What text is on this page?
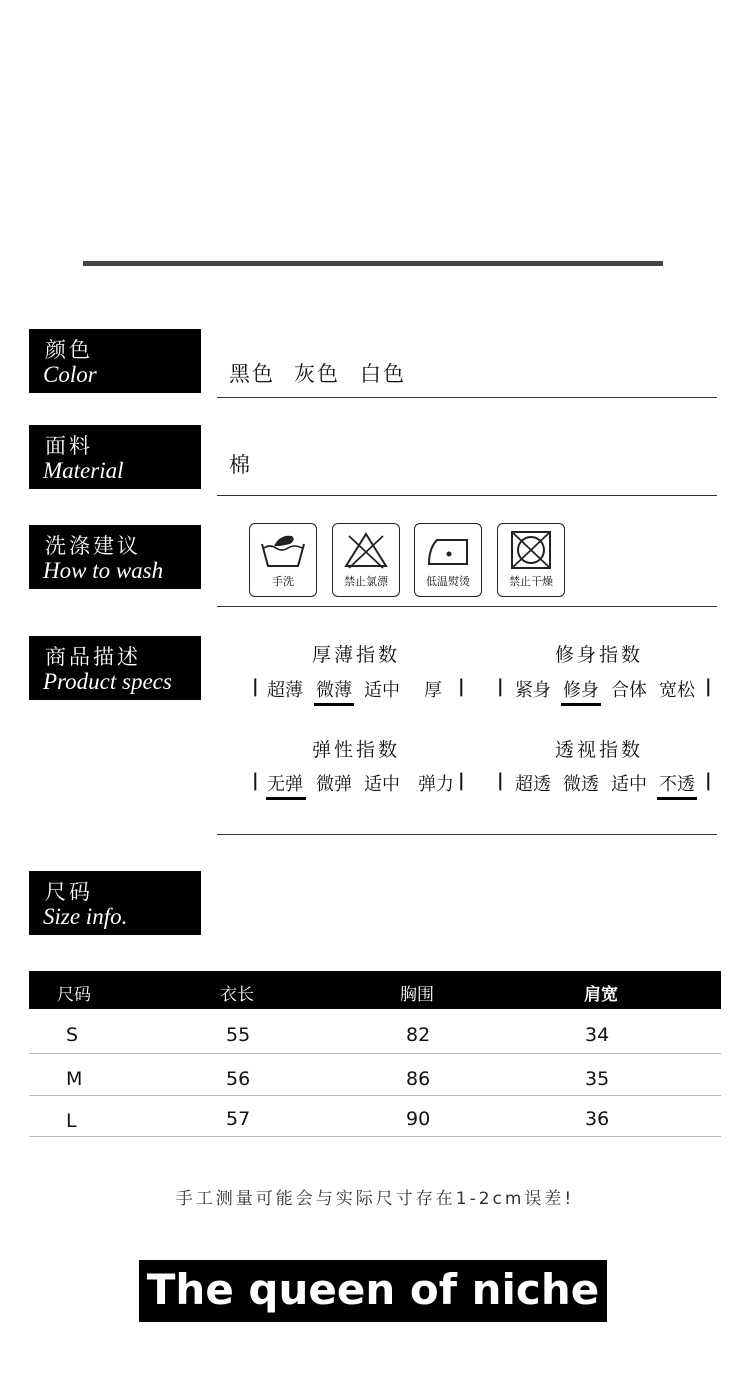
颜色
Color	黑色 灰色 白色
面料
Material	棉
洗涤建议
How to wash	手洗	禁止氯漂	低温熨烫	禁止干燥
商品描述
Product specs
厚薄指数	修身指数
| 超薄 微薄 适中 厚 | | 紧身 修身 合体 宽松 |
弹性指数	透视指数
| 无弹 微弹 适中 弹力 | | 超透 微透 适中 不透 |
尺码
Size info.
尺码	衣长	胸围	肩宽
S	55	82	34
M	56	86	35
L	57	90	36
手工测量可能会与实际尺寸存在1-2cm误差!
The queen of niche
